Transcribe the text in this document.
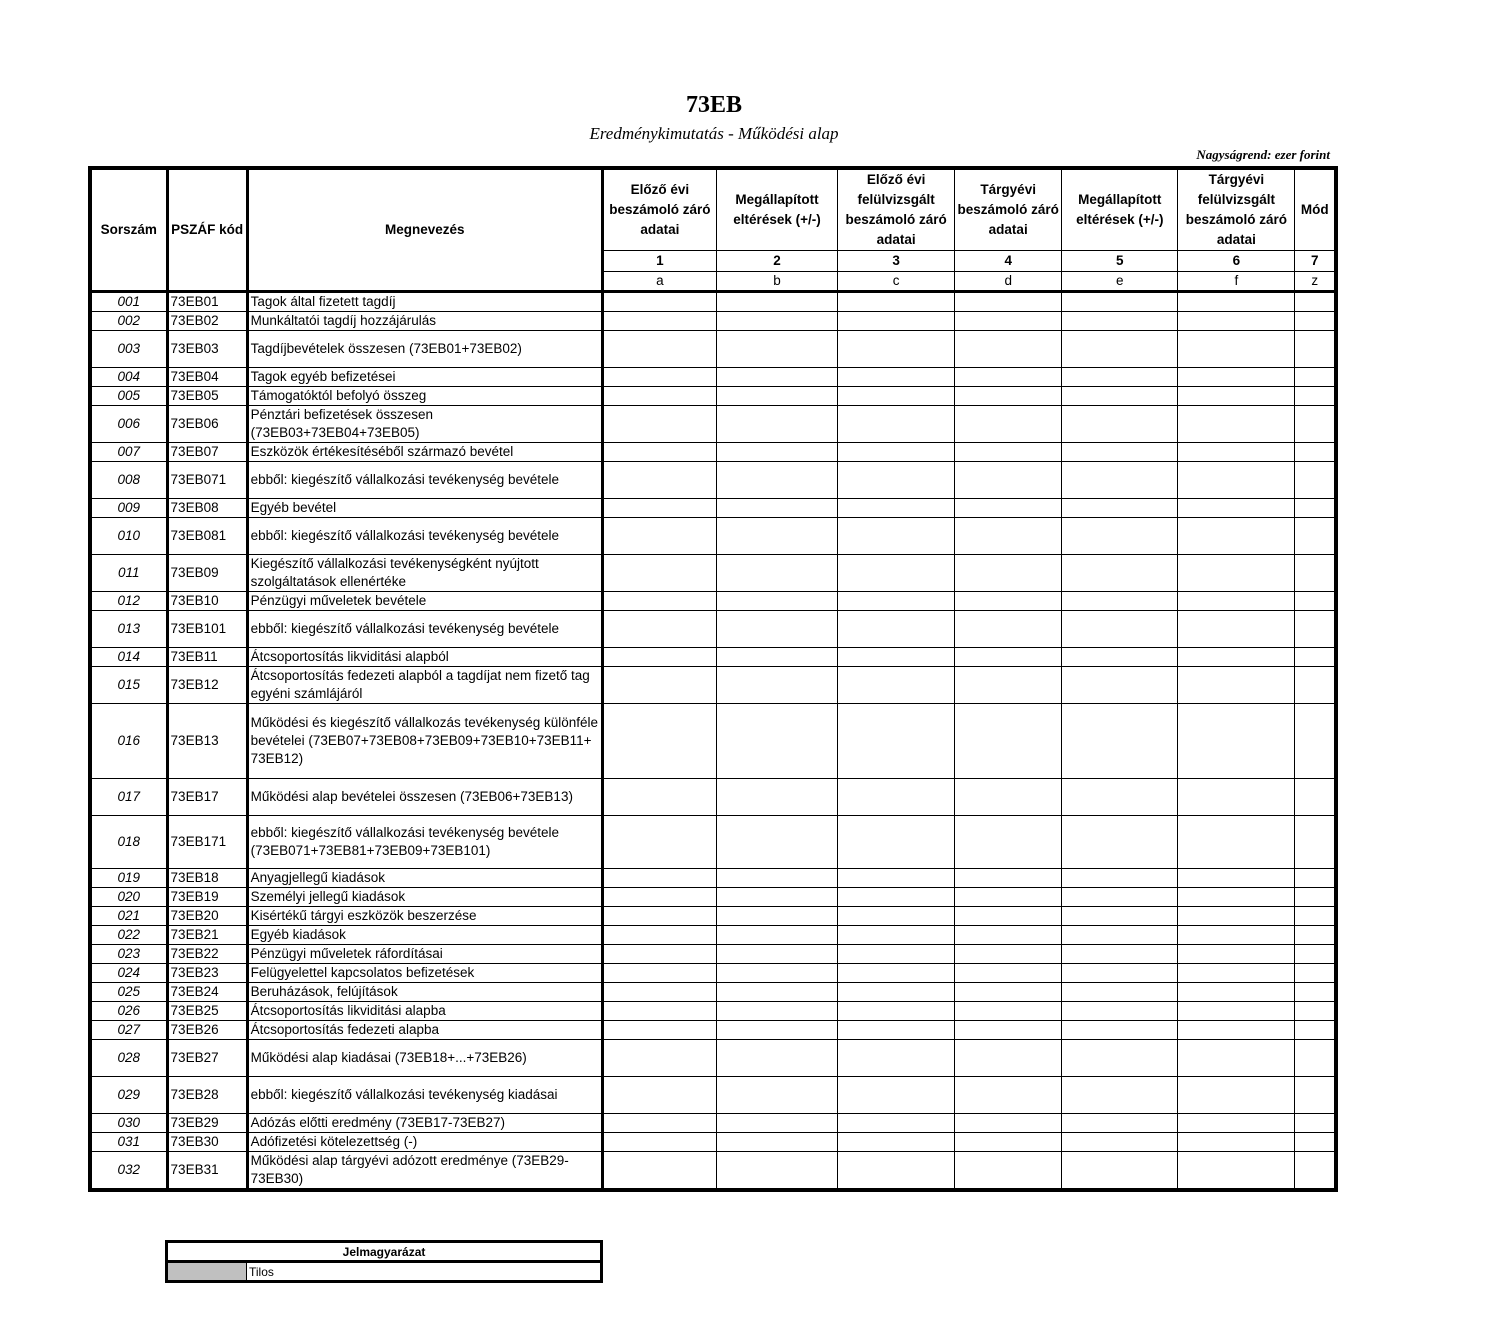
73EB
Eredménykimutatás - Működési alap
Nagyságrend: ezer forint
Sorszám	PSZÁF kód	Megnevezés	Előző évi beszámoló záró adatai	Megállapított eltérések (+/-)	Előző évi felülvizsgált beszámoló záró adatai	Tárgyévi beszámoló záró adatai	Megállapított eltérések (+/-)	Tárgyévi felülvizsgált beszámoló záró adatai	Mód
			1	2	3	4	5	6	7
			a	b	c	d	e	f	z
001	73EB01	Tagok által fizetett tagdíj							
002	73EB02	Munkáltatói tagdíj hozzájárulás							
003	73EB03	Tagdíjbevételek összesen (73EB01+73EB02)							
004	73EB04	Tagok egyéb befizetései							
005	73EB05	Támogatóktól befolyó összeg							
006	73EB06	Pénztári befizetések összesen (73EB03+73EB04+73EB05)							
007	73EB07	Eszközök értékesítéséből származó bevétel							
008	73EB071	ebből: kiegészítő vállalkozási tevékenység bevétele							
009	73EB08	Egyéb bevétel							
010	73EB081	ebből: kiegészítő vállalkozási tevékenység bevétele							
011	73EB09	Kiegészítő vállalkozási tevékenységként nyújtott szolgáltatások ellenértéke							
012	73EB10	Pénzügyi műveletek bevétele							
013	73EB101	ebből: kiegészítő vállalkozási tevékenység bevétele							
014	73EB11	Átcsoportosítás likviditási alapból							
015	73EB12	Átcsoportosítás fedezeti alapból a tagdíjat nem fizető tag egyéni számlájáról							
016	73EB13	Működési és kiegészítő vállalkozás tevékenység különféle bevételei (73EB07+73EB08+73EB09+73EB10+73EB11+ 73EB12)							
017	73EB17	Működési alap bevételei összesen (73EB06+73EB13)							
018	73EB171	ebből: kiegészítő vállalkozási tevékenység bevétele (73EB071+73EB81+73EB09+73EB101)							
019	73EB18	Anyagjellegű kiadások							
020	73EB19	Személyi jellegű kiadások							
021	73EB20	Kisértékű tárgyi eszközök beszerzése							
022	73EB21	Egyéb kiadások							
023	73EB22	Pénzügyi műveletek ráfordításai							
024	73EB23	Felügyelettel kapcsolatos befizetések							
025	73EB24	Beruházások, felújítások							
026	73EB25	Átcsoportosítás likviditási alapba							
027	73EB26	Átcsoportosítás fedezeti alapba							
028	73EB27	Működési alap kiadásai (73EB18+...+73EB26)							
029	73EB28	ebből: kiegészítő vállalkozási tevékenység kiadásai							
030	73EB29	Adózás előtti eredmény (73EB17-73EB27)							
031	73EB30	Adófizetési kötelezettség (-)							
032	73EB31	Működési alap tárgyévi adózott eredménye (73EB29-73EB30)							
Jelmagyarázat
	Tilos
